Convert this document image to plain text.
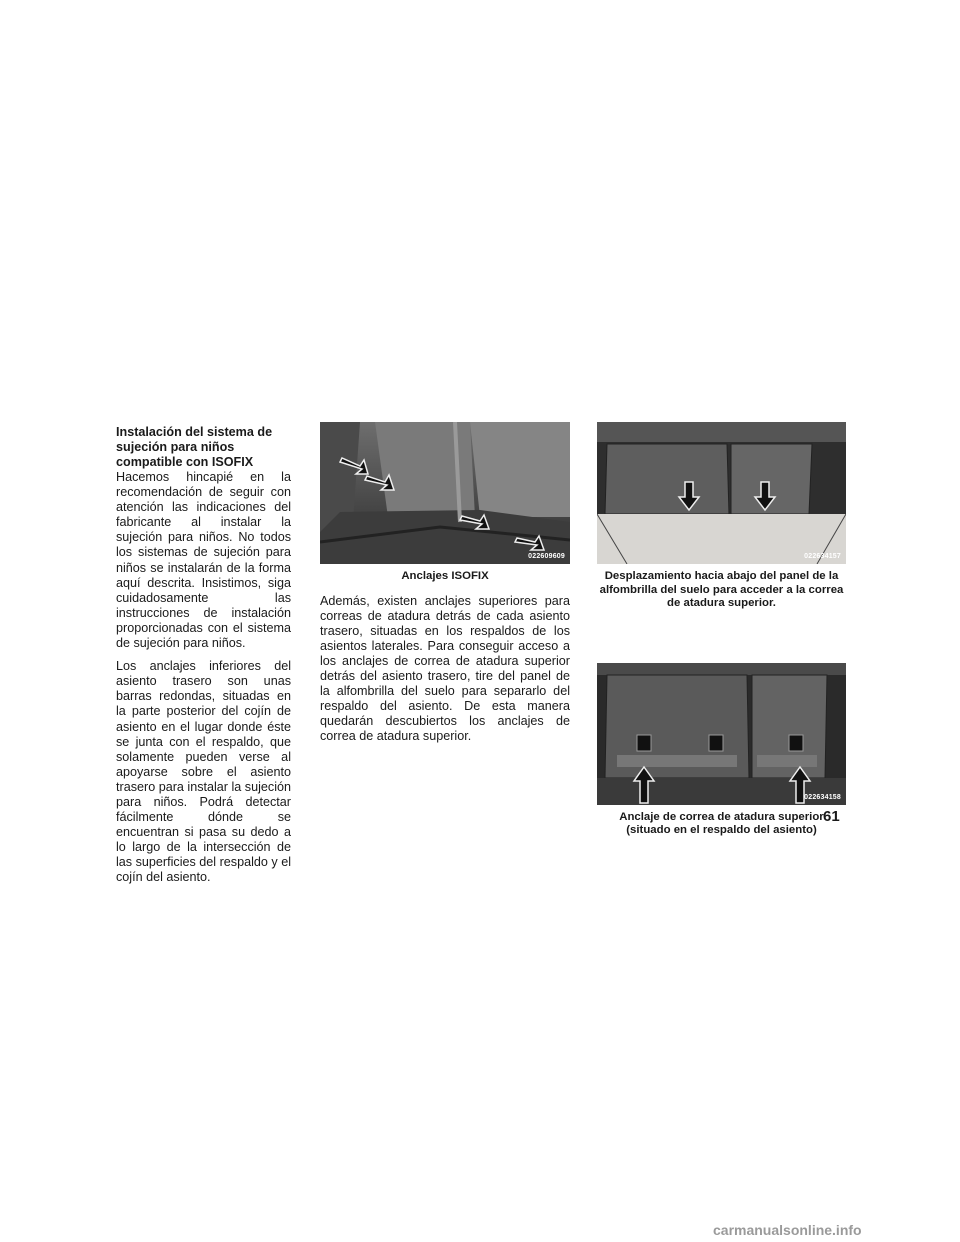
Instalación del sistema de sujeción para niños compatible con ISOFIX

Hacemos hincapié en la recomendación de seguir con atención las indicaciones del fabricante al instalar la sujeción para niños. No todos los sistemas de sujeción para niños se instalarán de la forma aquí descrita. Insistimos, siga cuidadosamente las instrucciones de instalación proporcionadas con el sistema de sujeción para niños.

Los anclajes inferiores del asiento trasero son unas barras redondas, situadas en la parte posterior del cojín de asiento en el lugar donde éste se junta con el respaldo, que solamente pueden verse al apoyarse sobre el asiento trasero para instalar la sujeción para niños. Podrá detectar fácilmente dónde se encuentran si pasa su dedo a lo largo de la intersección de las superficies del respaldo y el cojín del asiento.

022609609
Anclajes ISOFIX

Además, existen anclajes superiores para correas de atadura detrás de cada asiento trasero, situadas en los respaldos de los asientos laterales. Para conseguir acceso a los anclajes de correa de atadura superior detrás del asiento trasero, tire del panel de la alfombrilla del suelo para separarlo del respaldo del asiento. De esta manera quedarán descubiertos los anclajes de correa de atadura superior.

022634157
Desplazamiento hacia abajo del panel de la alfombrilla del suelo para acceder a la correa de atadura superior.
022634158
Anclaje de correa de atadura superior (situado en el respaldo del asiento)
61
carmanualsonline.info
